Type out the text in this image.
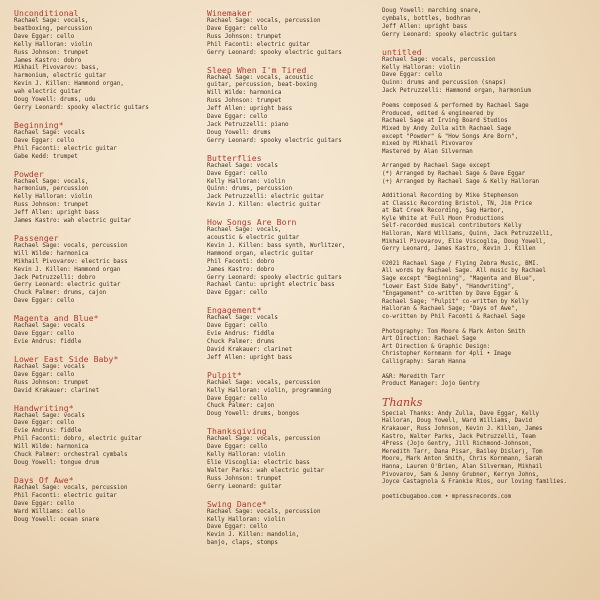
Unconditional
Rachael Sage: vocals,
beatboxing, percussion
Dave Eggar: cello
Kelly Halloran: violin
Russ Johnson: trumpet
James Kastro: dobro
Mikhail Pivovarov: bass,
harmonium, electric guitar
Kevin J. Killen: Hammond organ,
wah electric guitar
Doug Yowell: drums, udu
Gerry Leonard: spooky electric guitars
Beginning*
Rachael Sage: vocals
Dave Eggar: cello
Phil Faconti: electric guitar
Gabe Kedd: trumpet
Powder
Rachael Sage: vocals,
harmonium, percussion
Kelly Halloran: violin
Russ Johnson: trumpet
Jeff Allen: upright bass
James Kastro: wah electric guitar
Passenger
Rachael Sage: vocals, percussion
Will Wilde: harmonica
Mikhail Pivovarov: electric bass
Kevin J. Killen: Hammond organ
Jack Petruzzelli: dobro
Gerry Leonard: electric guitar
Chuck Palmer: drums, cajon
Dave Eggar: cello
Magenta and Blue*
Rachael Sage: vocals
Dave Eggar: cello
Evie Andrus: fiddle
Lower East Side Baby*
Rachael Sage: vocals
Dave Eggar: cello
Russ Johnson: trumpet
David Krakauer: clarinet
Handwriting*
Rachael Sage: vocals
Dave Eggar: cello
Evie Andrus: fiddle
Phil Faconti: dobro, electric guitar
Will Wilde: harmonica
Chuck Palmer: orchestral cymbals
Doug Yowell: tongue drum
Days Of Awe*
Rachael Sage: vocals, percussion
Phil Faconti: electric guitar
Dave Eggar: cello
Ward Williams: cello
Doug Yowell: ocean snare
Winemaker
Rachael Sage: vocals, percussion
Dave Eggar: cello
Russ Johnson: trumpet
Phil Faconti: electric guitar
Gerry Leonard: spooky electric guitars
Sleep When I'm Tired
Rachael Sage: vocals, acoustic
guitar, percussion, beat-boxing
Will Wilde: harmonica
Russ Johnson: trumpet
Jeff Allen: upright bass
Dave Eggar: cello
Jack Petruzzelli: piano
Doug Yowell: drums
Gerry Leonard: spooky electric guitars
Butterflies
Rachael Sage: vocals
Dave Eggar: cello
Kelly Halloran: violin
Quinn: drums, percussion
Jack Petruzzelli: electric guitar
Kevin J. Killen: electric guitar
How Songs Are Born
Rachael Sage: vocals,
acoustic & electric guitar
Kevin J. Killen: bass synth, Wurlitzer,
Hammond organ, electric guitar
Phil Faconti: dobro
James Kastro: dobro
Gerry Leonard: spooky electric guitars
Rachael Cantu: upright electric bass
Dave Eggar: cello
Engagement*
Rachael Sage: vocals
Dave Eggar: cello
Evie Andrus: fiddle
Chuck Palmer: drums
David Krakauer: clarinet
Jeff Allen: upright bass
Pulpit*
Rachael Sage: vocals, percussion
Kelly Halloran: violin, programming
Dave Eggar: cello
Chuck Palmer: cajon
Doug Yowell: drums, bongos
Thanksgiving
Rachael Sage: vocals, percussion
Dave Eggar: cello
Kelly Halloran: violin
Elie Viscoglia: electric bass
Walter Parks: wah electric guitar
Russ Johnson: trumpet
Gerry Leonard: guitar
Swing Dance*
Rachael Sage: vocals, percussion
Kelly Halloran: violin
Dave Eggar: cello
Kevin J. Killen: mandolin,
banjo, claps, stomps
Doug Yowell: marching snare,
cymbals, bottles, bodhran
Jeff Allen: upright bass
Gerry Leonard: spooky electric guitars
untitled
Rachael Sage: vocals, percussion
Kelly Halloran: violin
Dave Eggar: cello
Quinn: drums and percussion (snaps)
Jack Petruzzelli: Hammond organ, harmonium
Poems composed & performed by Rachael Sage
Produced, edited & engineered by
Rachael Sage at Irving Board Studios
Mixed by Andy Zulla with Rachael Sage
except "Powder" & "How Songs Are Born",
mixed by Mikhail Pivovarov
Mastered by Alan Silverman
Arranged by Rachael Sage except
(*) Arranged by Rachael Sage & Dave Eggar
(+) Arranged by Rachael Sage & Kelly Halloran
Additional Recording by Mike Stephenson
at Classic Recording Bristol, TN, Jim Price
at Bat Creek Recording, Sag Harbor,
Kyle White at Full Moon Productions
Self-recorded musical contributors Kelly
Halloran, Ward Williams, Quinn, Jack Petruzzelli,
Mikhail Pivovarov, Elie Viscoglia, Doug Yowell,
Gerry Leonard, James Kastro, Kevin J. Killen
©2021 Rachael Sage / Flying Zebra Music, BMI.
All words by Rachael Sage. All music by Rachael
Sage except "Beginning", "Magenta and Blue",
"Lower East Side Baby", "Handwriting",
"Engagement" co-written by Dave Eggar &
Rachael Sage; "Pulpit" co-written by Kelly
Halloran & Rachael Sage; "Days of Awe",
co-written by Phil Faconti & Rachael Sage
Photography: Tom Moore & Mark Anton Smith
Art Direction: Rachael Sage
Art Direction & Graphic Design:
Christopher Kornmann for 4pli • Image
Calligraphy: Sarah Hanna
A&R: Meredith Tarr
Product Manager: Jojo Gentry
Thanks
Special Thanks: Andy Zulla, Dave Eggar, Kelly
Halloran, Doug Yowell, Ward Williams, David
Krakauer, Russ Johnson, Kevin J. Killen, James
Kastro, Walter Parks, Jack Petruzzelli, Team
4Press (Jojo Gentry, Jill Richmond-Johnson,
Meredith Tarr, Dana Pisar, Bailey Disler), Tom
Moore, Mark Anton Smith, Chris Kornmann, Sarah
Hanna, Lauren O'Brien, Alan Silverman, Mikhail
Pivovarov, Sam & Jenny Grubner, Kerryn Johns,
Joyce Castagnola & Frankie Rios, our loving families.
poeticbugaboo.com • mpressrecords.com
